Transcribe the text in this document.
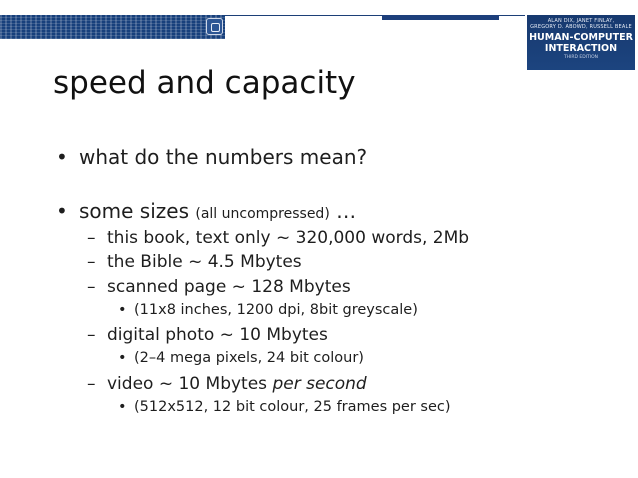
ALAN DIX, JANET FINLAY,
GREGORY D. ABOWD, RUSSELL BEALE
HUMAN-COMPUTER
INTERACTION
THIRD EDITION
speed and capacity
• what do the numbers mean?
• some sizes (all uncompressed) …
– this book, text only ~ 320,000 words, 2Mb
– the Bible ~ 4.5 Mbytes
– scanned page ~ 128 Mbytes
• (11x8 inches, 1200 dpi, 8bit greyscale)
– digital photo ~ 10 Mbytes
• (2–4 mega pixels, 24 bit colour)
– video ~ 10 Mbytes per second
• (512x512, 12 bit colour, 25 frames per sec)
